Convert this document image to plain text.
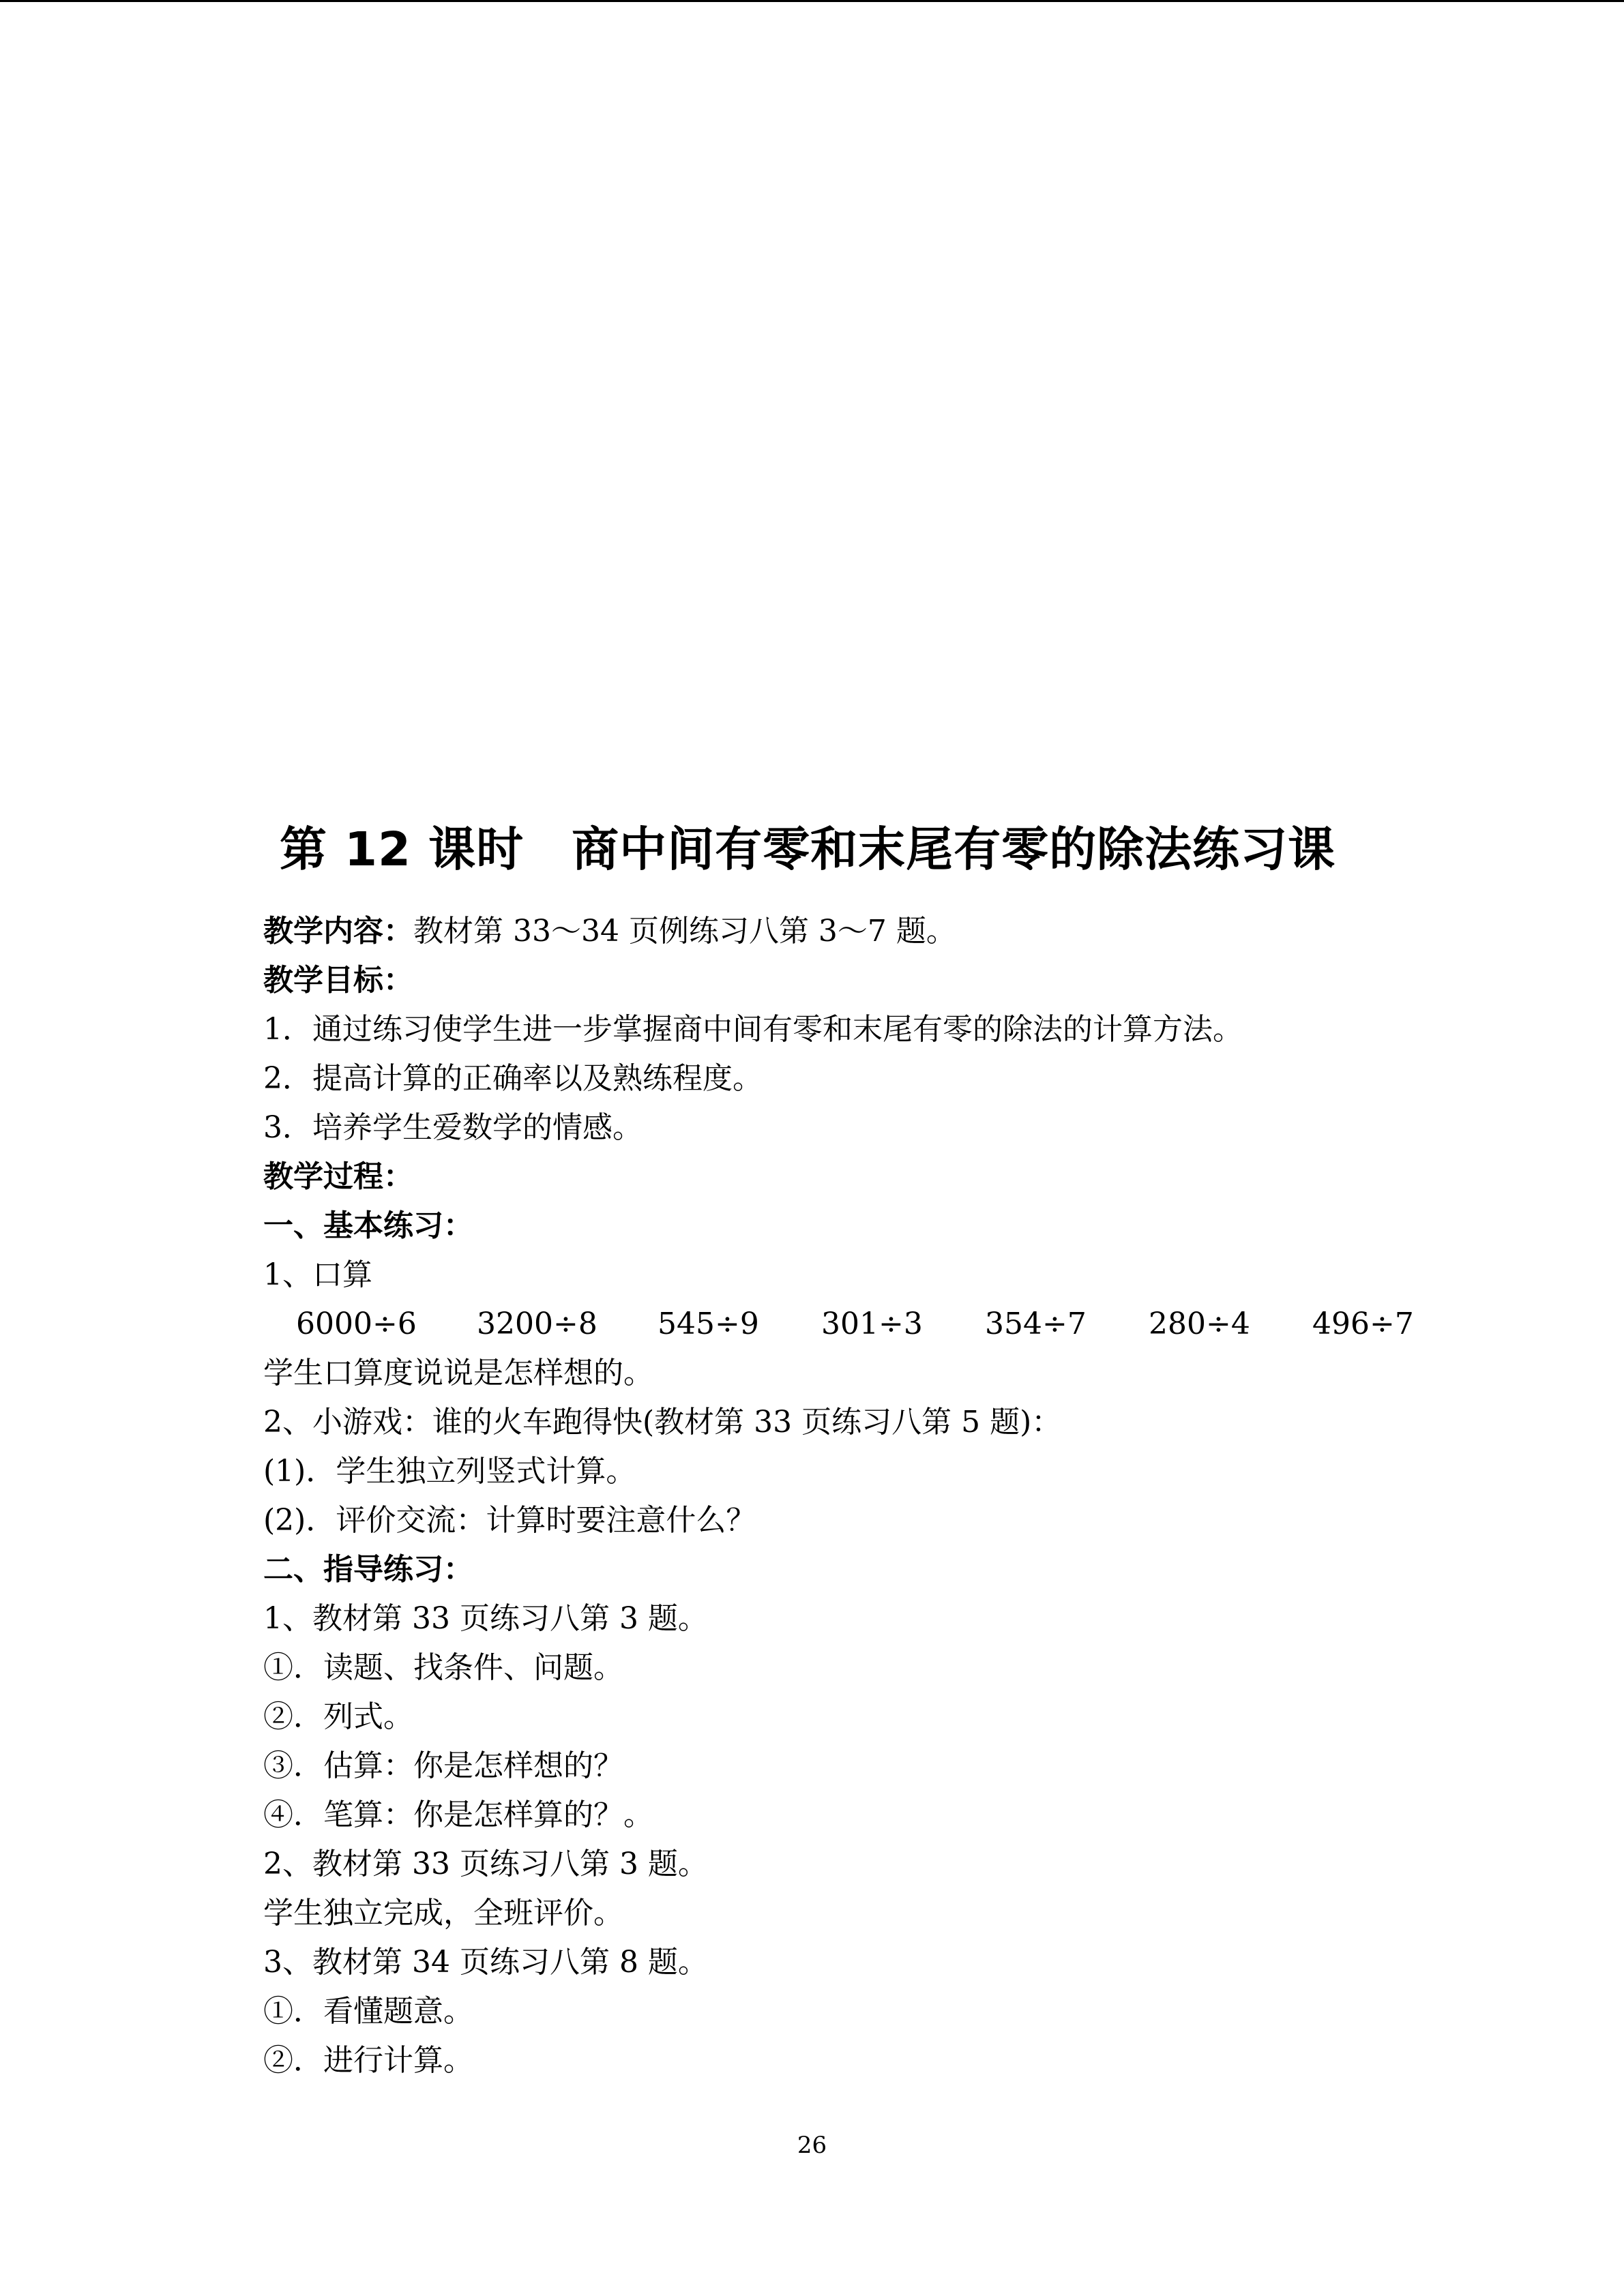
第 12 课时 商中间有零和末尾有零的除法练习课
教学内容：教材第 33～34 页例练习八第 3～7 题。
教学目标：
1．通过练习使学生进一步掌握商中间有零和末尾有零的除法的计算方法。
2．提高计算的正确率以及熟练程度。
3．培养学生爱数学的情感。
教学过程：
一、基本练习：
1、口算
6000÷6 3200÷8 545÷9 301÷3 354÷7 280÷4 496÷7
学生口算度说说是怎样想的。
2、小游戏：谁的火车跑得快(教材第 33 页练习八第 5 题)：
(1)．学生独立列竖式计算。
(2)．评价交流：计算时要注意什么？
二、指导练习：
1、教材第 33 页练习八第 3 题。
①．读题、找条件、问题。
②．列式。
③．估算：你是怎样想的？
④．笔算：你是怎样算的？。
2、教材第 33 页练习八第 3 题。
学生独立完成，全班评价。
3、教材第 34 页练习八第 8 题。
①．看懂题意。
②．进行计算。
26
